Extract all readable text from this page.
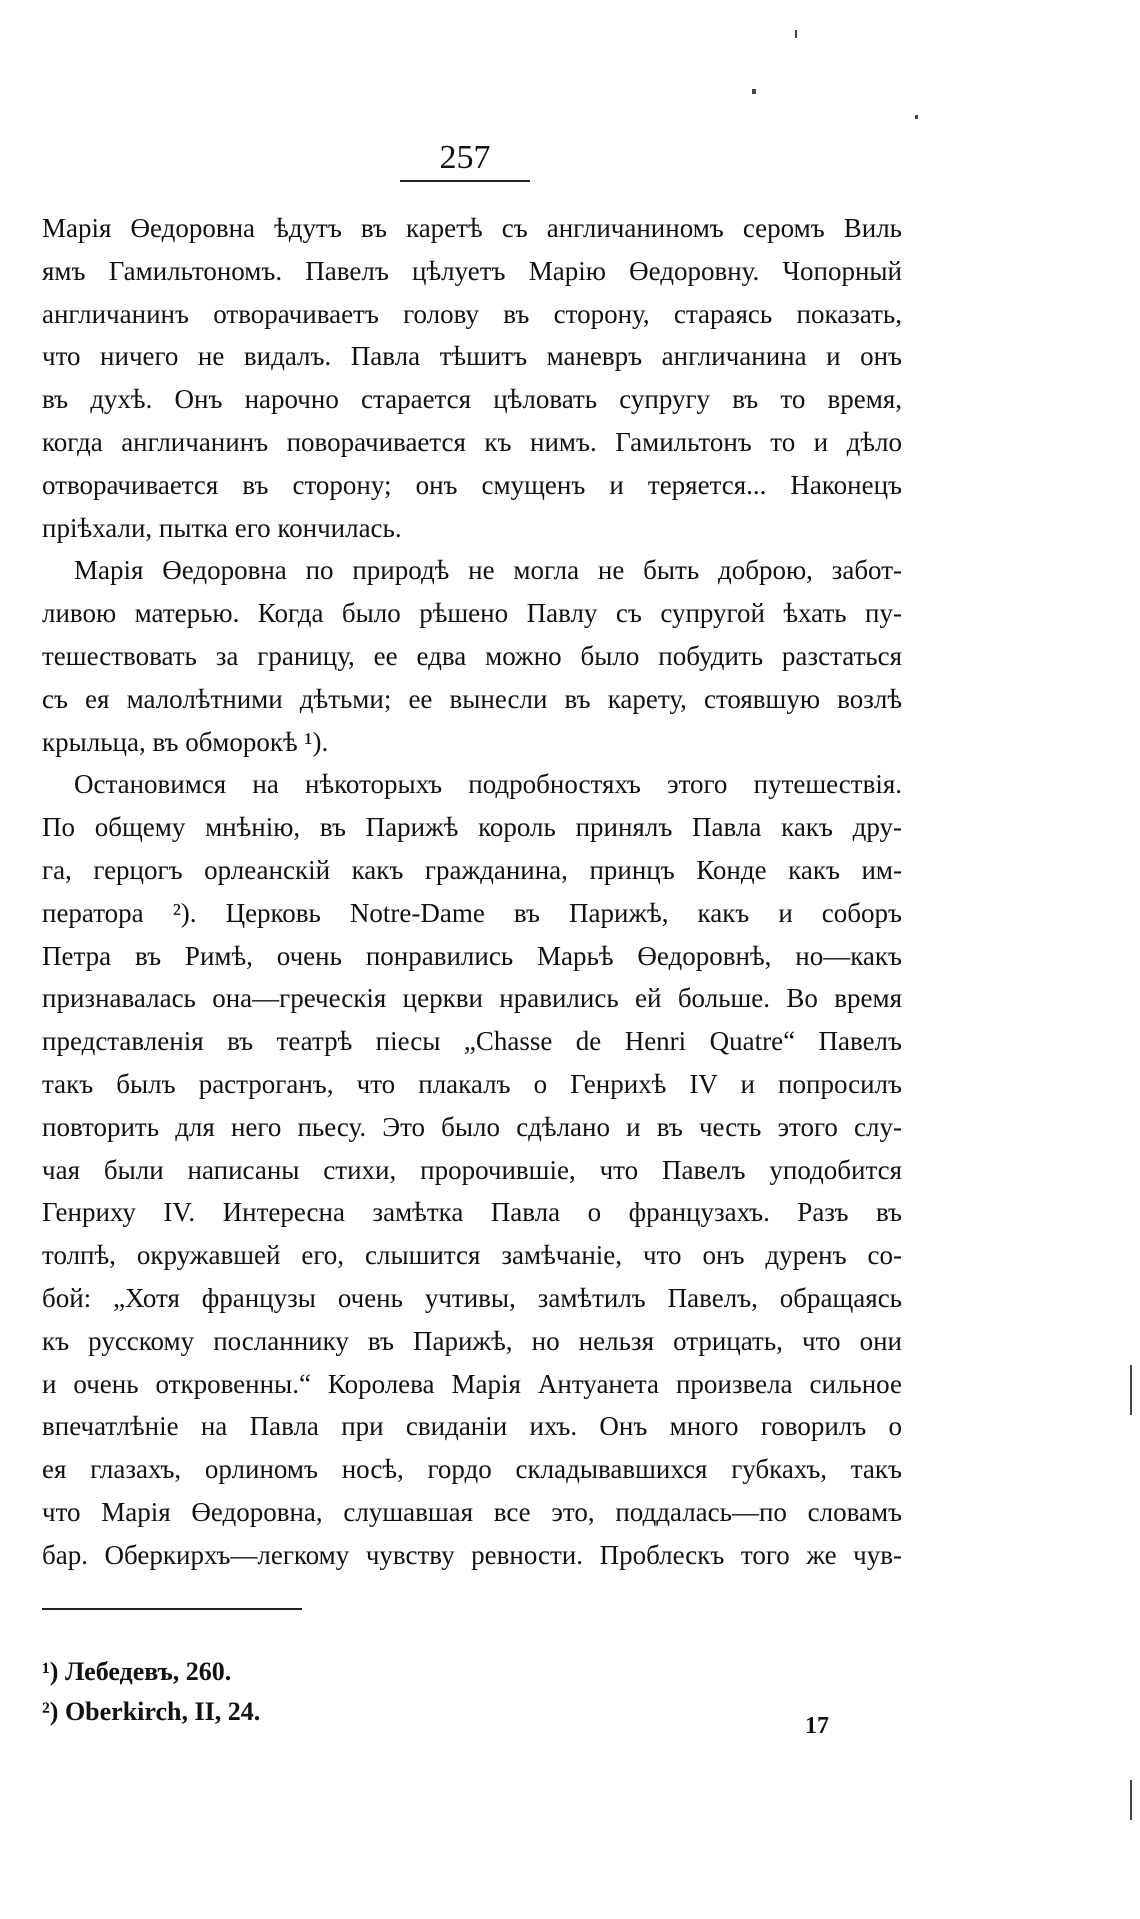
257
Марія Өедоровна ѣдутъ въ каретѣ съ англичаниномъ серомъ Виль
ямъ Гамильтономъ. Павелъ цѣлуетъ Марію Өедоровну. Чопорный
англичанинъ отворачиваетъ голову въ сторону, стараясь показать,
что ничего не видалъ. Павла тѣшитъ маневръ англичанина и онъ
въ духѣ. Онъ нарочно старается цѣловать супругу въ то время,
когда англичанинъ поворачивается къ нимъ. Гамильтонъ то и дѣло
отворачивается въ сторону; онъ смущенъ и теряется... Наконецъ
пріѣхали, пытка его кончилась.
Марія Өедоровна по природѣ не могла не быть доброю, забот-
ливою матерью. Когда было рѣшено Павлу съ супругой ѣхать пу-
тешествовать за границу, ее едва можно было побудить разстаться
съ ея малолѣтними дѣтьми; ее вынесли въ карету, стоявшую возлѣ
крыльца, въ обморокѣ ¹).
Остановимся на нѣкоторыхъ подробностяхъ этого путешествія.
По общему мнѣнію, въ Парижѣ король принялъ Павла какъ дру-
га, герцогъ орлеанскій какъ гражданина, принцъ Конде какъ им-
ператора ²). Церковь Notre-Dame въ Парижѣ, какъ и соборъ
Петра въ Римѣ, очень понравились Марьѣ Өедоровнѣ, но—какъ
признавалась она—греческія церкви нравились ей больше. Во время
представленія въ театрѣ піесы „Chasse de Henri Quatre“ Павелъ
такъ былъ растроганъ, что плакалъ о Генрихѣ IV и попросилъ
повторить для него пьесу. Это было сдѣлано и въ честь этого слу-
чая были написаны стихи, пророчившіе, что Павелъ уподобится
Генриху IV. Интересна замѣтка Павла о французахъ. Разъ въ
толпѣ, окружавшей его, слышится замѣчаніе, что онъ дуренъ со-
бой: „Хотя французы очень учтивы, замѣтилъ Павелъ, обращаясь
къ русскому посланнику въ Парижѣ, но нельзя отрицать, что они
и очень откровенны.“ Королева Марія Антуанета произвела сильное
впечатлѣніе на Павла при свиданіи ихъ. Онъ много говорилъ о
ея глазахъ, орлиномъ носѣ, гордо складывавшихся губкахъ, такъ
что Марія Өедоровна, слушавшая все это, поддалась—по словамъ
бар. Оберкирхъ—легкому чувству ревности. Проблескъ того же чув-
¹) Лебедевъ, 260.
²) Oberkirch, II, 24.	17
